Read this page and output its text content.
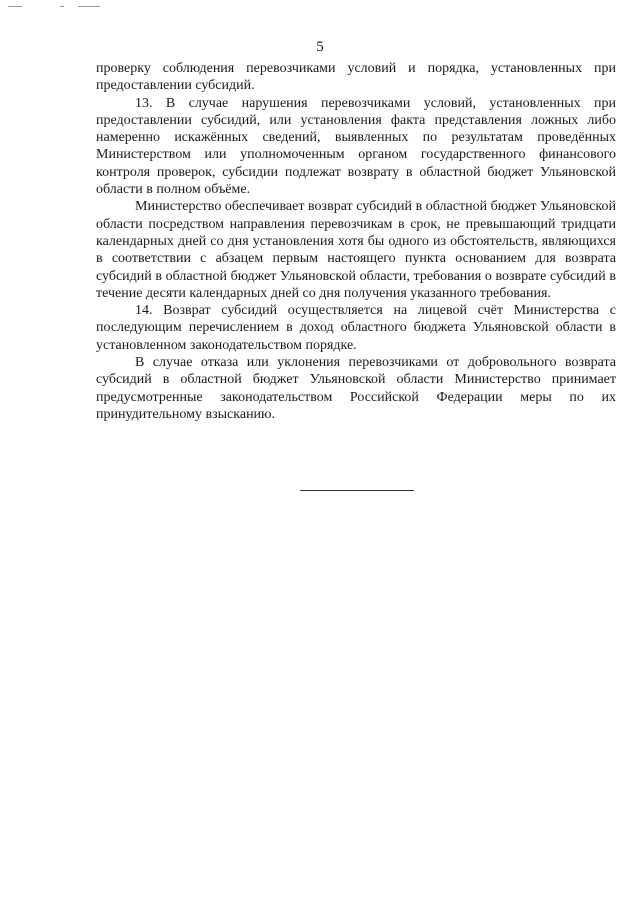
5

проверку соблюдения перевозчиками условий и порядка, установленных при предоставлении субсидий.

13. В случае нарушения перевозчиками условий, установленных при предоставлении субсидий, или установления факта представления ложных либо намеренно искажённых сведений, выявленных по результатам проведённых Министерством или уполномоченным органом государственного финансового контроля проверок, субсидии подлежат возврату в областной бюджет Ульяновской области в полном объёме.

Министерство обеспечивает возврат субсидий в областной бюджет Ульяновской области посредством направления перевозчикам в срок, не превышающий тридцати календарных дней со дня установления хотя бы одного из обстоятельств, являющихся в соответствии с абзацем первым настоящего пункта основанием для возврата субсидий в областной бюджет Ульяновской области, требования о возврате субсидий в течение десяти календарных дней со дня получения указанного требования.

14. Возврат субсидий осуществляется на лицевой счёт Министерства с последующим перечислением в доход областного бюджета Ульяновской области в установленном законодательством порядке.

В случае отказа или уклонения перевозчиками от добровольного возврата субсидий в областной бюджет Ульяновской области Министерство принимает предусмотренные законодательством Российской Федерации меры по их принудительному взысканию.
